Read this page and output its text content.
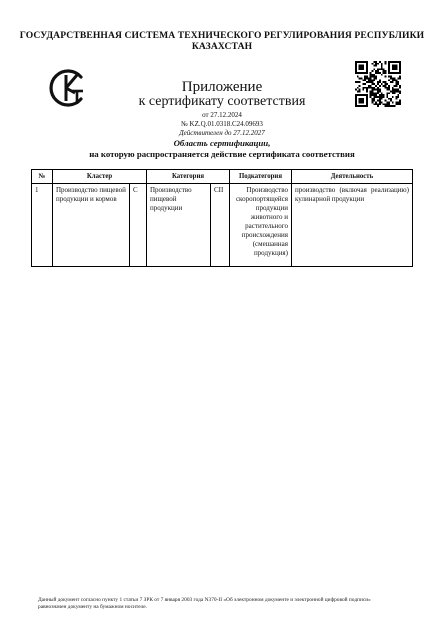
ГОСУДАРСТВЕННАЯ СИСТЕМА ТЕХНИЧЕСКОГО РЕГУЛИРОВАНИЯ РЕСПУБЛИКИ
КАЗАХСТАН
Приложение
к сертификату соответствия
от 27.12.2024
№ KZ.Q.01.0318.C24.09693
Действителен до 27.12.2027
Область сертификации,
на которую распространяется действие сертификата соответствия
№	Кластер		Категория		Подкатегория	Деятельность
1	Производство пищевой продукции и кормов	C	Производство пищевой продукции	CII	Производство скоропортящейся продукции животного и растительного происхождения (смешанная продукция)	производство (включая реализацию) кулинарной продукции
Данный документ согласно пункту 1 статьи 7 ЗРК от 7 января 2003 года N370-II «Об электронном документе и электронной цифровой подписи»
равнозначен документу на бумажном носителе.
